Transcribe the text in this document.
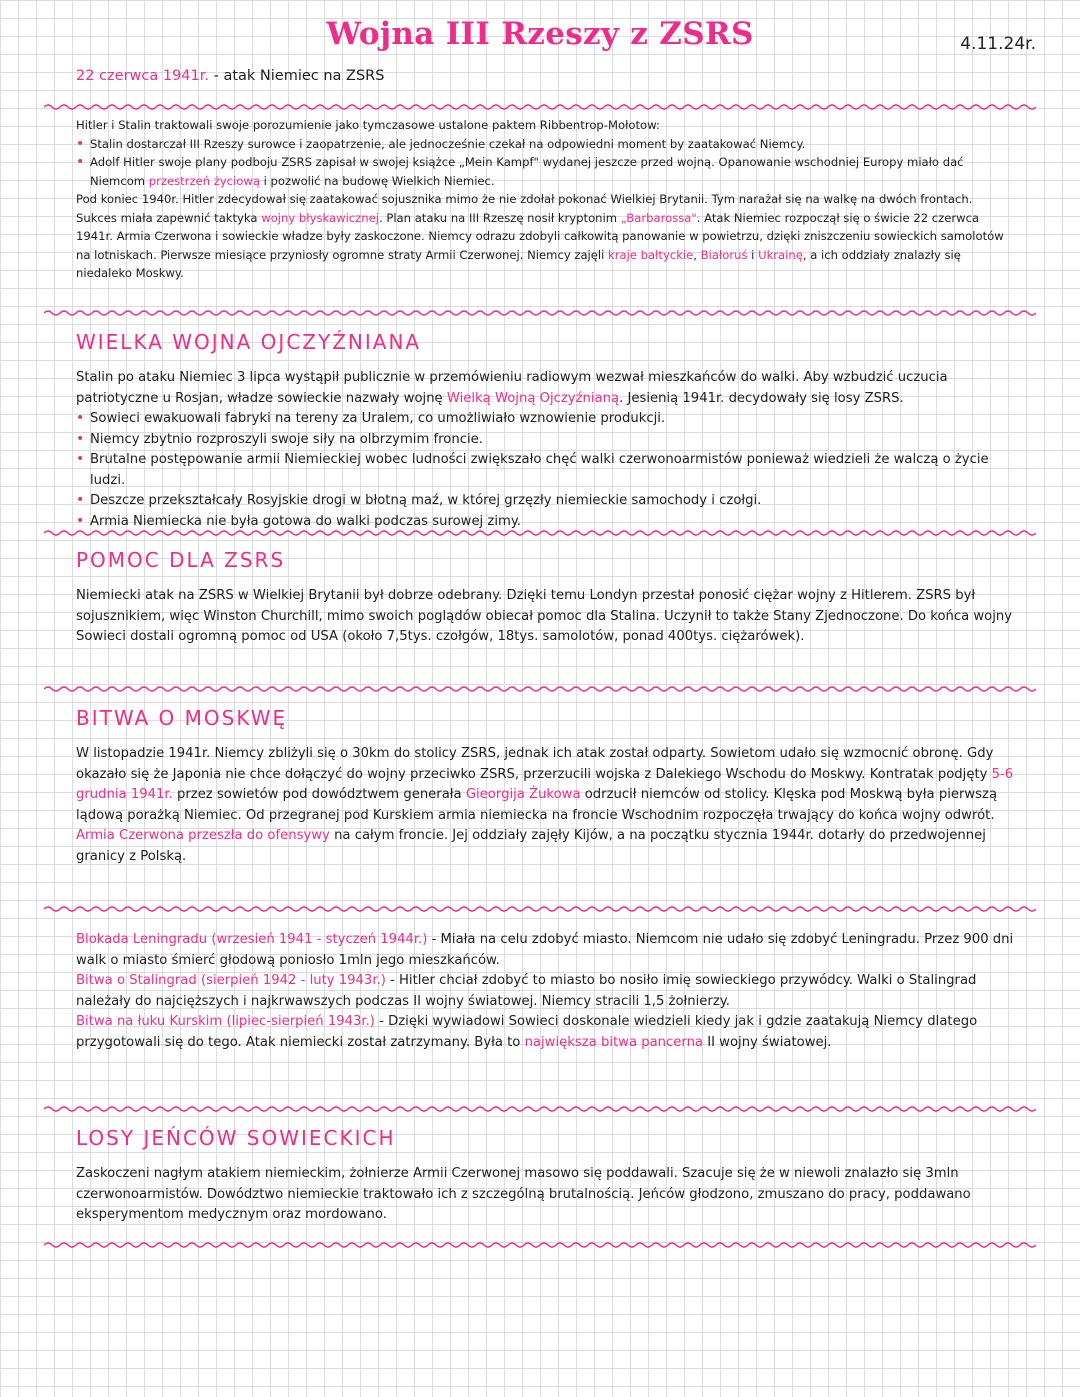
Wojna III Rzeszy z ZSRS	4.11.24r.
22 czerwca 1941r. - atak Niemiec na ZSRS

Hitler i Stalin traktowali swoje porozumienie jako tymczasowe ustalone paktem Ribbentrop-Mołotow:

• Stalin dostarczał III Rzeszy surowce i zaopatrzenie, ale jednocześnie czekał na odpowiedni moment by zaatakować Niemcy.
• Adolf Hitler swoje plany podboju ZSRS zapisał w swojej książce „Mein Kampf" wydanej jeszcze przed wojną. Opanowanie wschodniej Europy miało dać Niemcom przestrzeń życiową i pozwolić na budowę Wielkich Niemiec.

Pod koniec 1940r. Hitler zdecydował się zaatakować sojusznika mimo że nie zdołał pokonać Wielkiej Brytanii. Tym narażał się na walkę na dwóch frontach. Sukces miała zapewnić taktyka wojny błyskawicznej. Plan ataku na III Rzeszę nosił kryptonim „Barbarossa". Atak Niemiec rozpoczął się o świcie 22 czerwca 1941r. Armia Czerwona i sowieckie władze były zaskoczone. Niemcy odrazu zdobyli całkowitą panowanie w powietrzu, dzięki zniszczeniu sowieckich samolotów na lotniskach. Pierwsze miesiące przyniosły ogromne straty Armii Czerwonej. Niemcy zajęli kraje bałtyckie, Białoruś i Ukrainę, a ich oddziały znalazły się niedaleko Moskwy.

WIELKA WOJNA OJCZYŹNIANA

Stalin po ataku Niemiec 3 lipca wystąpił publicznie w przemówieniu radiowym wezwał mieszkańców do walki. Aby wzbudzić uczucia patriotyczne u Rosjan, władze sowieckie nazwały wojnę Wielką Wojną Ojczyźnianą. Jesienią 1941r. decydowały się losy ZSRS.

• Sowieci ewakuowali fabryki na tereny za Uralem, co umożliwiało wznowienie produkcji.
• Niemcy zbytnio rozproszyli swoje siły na olbrzymim froncie.
• Brutalne postępowanie armii Niemieckiej wobec ludności zwiększało chęć walki czerwonoarmistów ponieważ wiedzieli że walczą o życie ludzi.
• Deszcze przekształcały Rosyjskie drogi w błotną maź, w której grzęzły niemieckie samochody i czołgi.
• Armia Niemiecka nie była gotowa do walki podczas surowej zimy.
POMOC DLA ZSRS

Niemiecki atak na ZSRS w Wielkiej Brytanii był dobrze odebrany. Dzięki temu Londyn przestał ponosić ciężar wojny z Hitlerem. ZSRS był sojusznikiem, więc Winston Churchill, mimo swoich poglądów obiecał pomoc dla Stalina. Uczynił to także Stany Zjednoczone. Do końca wojny Sowieci dostali ogromną pomoc od USA (około 7,5tys. czołgów, 18tys. samolotów, ponad 400tys. ciężarówek).

BITWA O MOSKWĘ

W listopadzie 1941r. Niemcy zbliżyli się o 30km do stolicy ZSRS, jednak ich atak został odparty. Sowietom udało się wzmocnić obronę. Gdy okazało się że Japonia nie chce dołączyć do wojny przeciwko ZSRS, przerzucili wojska z Dalekiego Wschodu do Moskwy. Kontratak podjęty 5-6 grudnia 1941r. przez sowietów pod dowództwem generała Gieorgija Żukowa odrzucił niemców od stolicy. Klęska pod Moskwą była pierwszą lądową porażką Niemiec. Od przegranej pod Kurskiem armia niemiecka na froncie Wschodnim rozpoczęła trwający do końca wojny odwrót. Armia Czerwona przeszła do ofensywy na całym froncie. Jej oddziały zajęły Kijów, a na początku stycznia 1944r. dotarły do przedwojennej granicy z Polską.

Blokada Leningradu (wrzesień 1941 - styczeń 1944r.) - Miała na celu zdobyć miasto. Niemcom nie udało się zdobyć Leningradu. Przez 900 dni walk o miasto śmierć głodową poniosło 1mln jego mieszkańców.

Bitwa o Stalingrad (sierpień 1942 - luty 1943r.) - Hitler chciał zdobyć to miasto bo nosiło imię sowieckiego przywódcy. Walki o Stalingrad należały do najcięższych i najkrwawszych podczas II wojny światowej. Niemcy stracili 1,5 żołnierzy.

Bitwa na łuku Kurskim (lipiec-sierpień 1943r.) - Dzięki wywiadowi Sowieci doskonale wiedzieli kiedy jak i gdzie zaatakują Niemcy dlatego przygotowali się do tego. Atak niemiecki został zatrzymany. Była to największa bitwa pancerna II wojny światowej.

LOSY JEŃCÓW SOWIECKICH

Zaskoczeni nagłym atakiem niemieckim, żołnierze Armii Czerwonej masowo się poddawali. Szacuje się że w niewoli znalazło się 3mln czerwonoarmistów. Dowództwo niemieckie traktowało ich z szczególną brutalnością. Jeńców głodzono, zmuszano do pracy, poddawano eksperymentom medycznym oraz mordowano.
